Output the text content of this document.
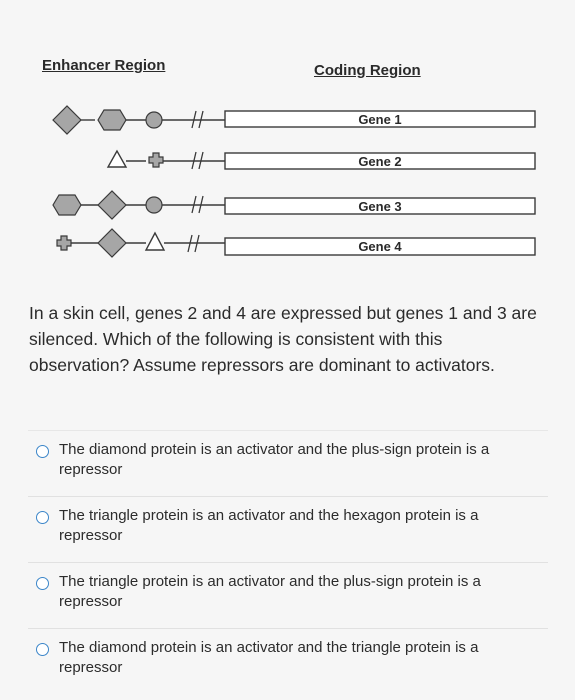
Enhancer Region	Coding Region
Gene 1
Gene 2
Gene 3
Gene 4
In a skin cell, genes 2 and 4 are expressed but genes 1 and 3 are silenced. Which of the following is consistent with this observation? Assume repressors are dominant to activators.
The diamond protein is an activator and the plus-sign protein is a repressor
The triangle protein is an activator and the hexagon protein is a repressor
The triangle protein is an activator and the plus-sign protein is a repressor
The diamond protein is an activator and the triangle protein is a repressor
